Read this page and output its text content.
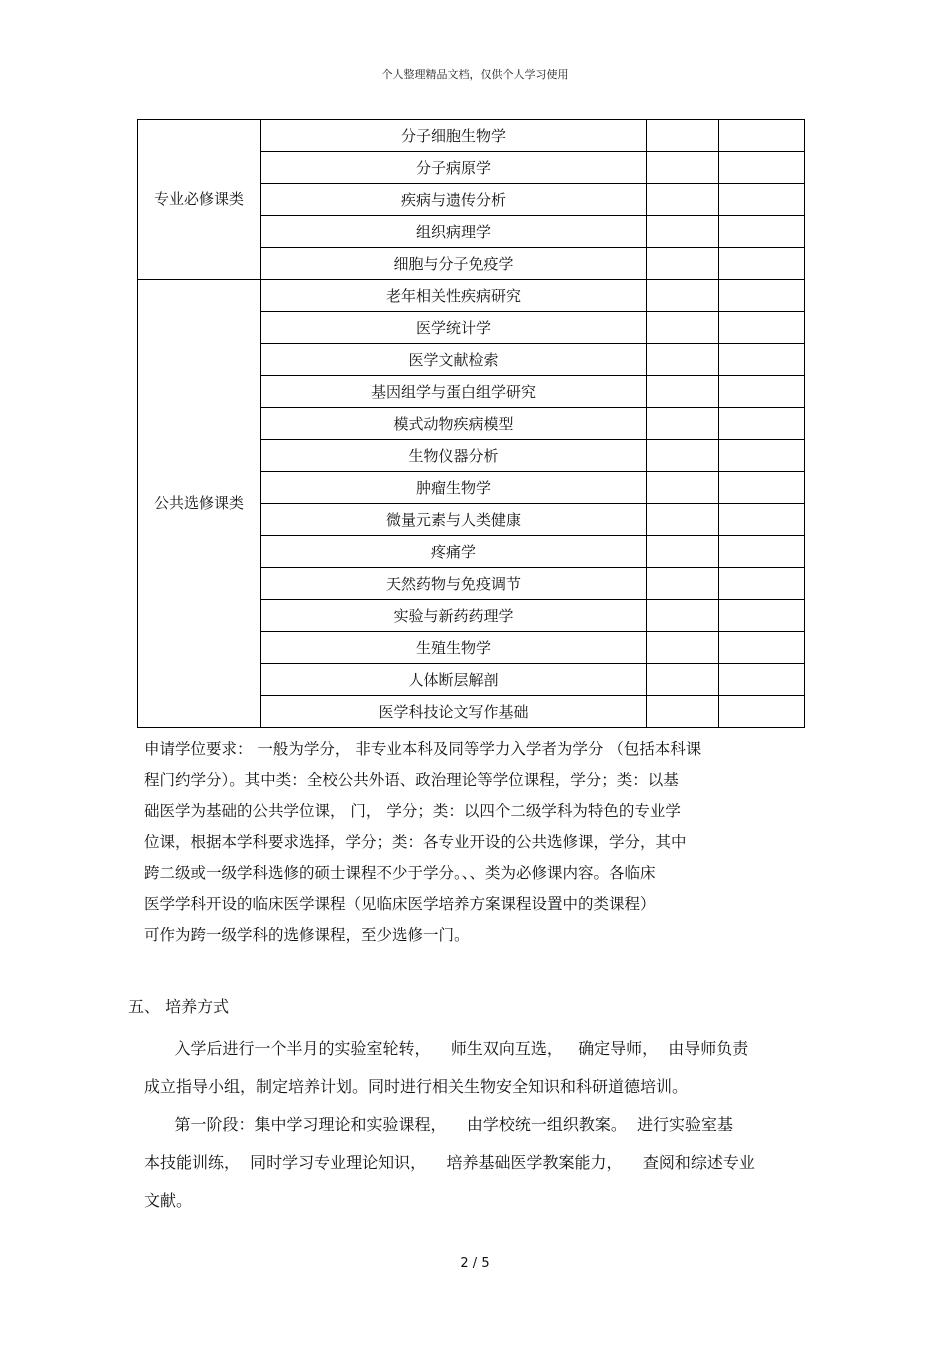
个人整理精品文档，仅供个人学习使用
专业必修课类	分子细胞生物学		
	分子病原学		
	疾病与遗传分析		
	组织病理学		
	细胞与分子免疫学		
公共选修课类	老年相关性疾病研究		
	医学统计学		
	医学文献检索		
	基因组学与蛋白组学研究		
	模式动物疾病模型		
	生物仪器分析		
	肿瘤生物学		
	微量元素与人类健康		
	疼痛学		
	天然药物与免疫调节		
	实验与新药药理学		
	生殖生物学		
	人体断层解剖		
	医学科技论文写作基础		
申请学位要求： 一般为学分， 非专业本科及同等学力入学者为学分 （包括本科课
程门约学分）。其中类：全校公共外语、政治理论等学位课程，学分；类：以基
础医学为基础的公共学位课， 门， 学分；类：以四个二级学科为特色的专业学
位课，根据本学科要求选择，学分；类：各专业开设的公共选修课，学分，其中
跨二级或一级学科选修的硕士课程不少于学分。、、类为必修课内容。各临床
医学学科开设的临床医学课程（见临床医学培养方案课程设置中的类课程）
可作为跨一级学科的选修课程，至少选修一门。
五、 培养方式
入学后进行一个半月的实验室轮转，    师生双向互选，   确定导师，  由导师负责
成立指导小组，制定培养计划。同时进行相关生物安全知识和科研道德培训。
第一阶段：集中学习理论和实验课程，    由学校统一组织教案。  进行实验室基
本技能训练，  同时学习专业理论知识，    培养基础医学教案能力，    查阅和综述专业
文献。
2 / 5
